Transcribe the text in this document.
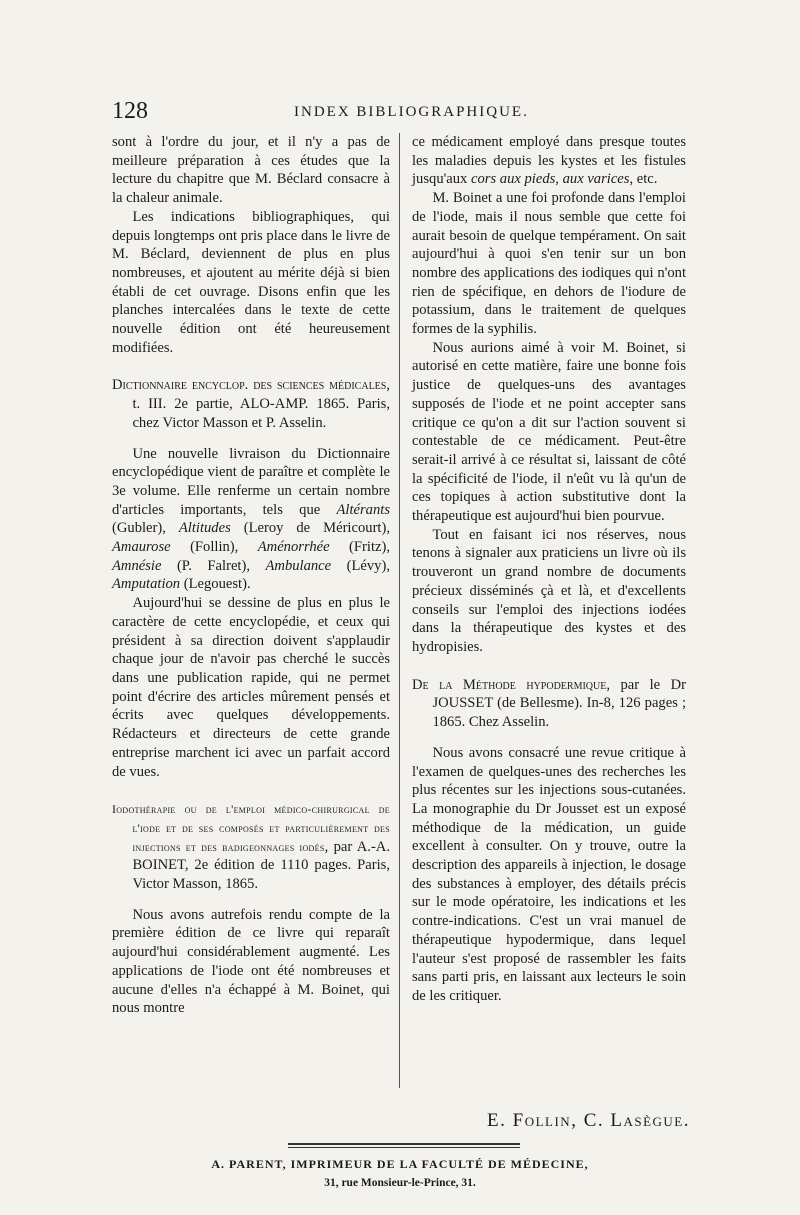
128	INDEX BIBLIOGRAPHIQUE.

sont à l'ordre du jour, et il n'y a pas de meilleure préparation à ces études que la lecture du chapitre que M. Béclard consacre à la chaleur animale.

Les indications bibliographiques, qui depuis longtemps ont pris place dans le livre de M. Béclard, deviennent de plus en plus nombreuses, et ajoutent au mérite déjà si bien établi de cet ouvrage. Disons enfin que les planches intercalées dans le texte de cette nouvelle édition ont été heureusement modifiées.

Dictionnaire encyclop. des sciences médicales, t. III. 2e partie, ALO-AMP. 1865. Paris, chez Victor Masson et P. Asselin.

Une nouvelle livraison du Dictionnaire encyclopédique vient de paraître et complète le 3e volume. Elle renferme un certain nombre d'articles importants, tels que Altérants (Gubler), Altitudes (Leroy de Méricourt), Amaurose (Follin), Aménorrhée (Fritz), Amnésie (P. Falret), Ambulance (Lévy), Amputation (Legouest).

Aujourd'hui se dessine de plus en plus le caractère de cette encyclopédie, et ceux qui président à sa direction doivent s'applaudir chaque jour de n'avoir pas cherché le succès dans une publication rapide, qui ne permet point d'écrire des articles mûrement pensés et écrits avec quelques développements. Rédacteurs et directeurs de cette grande entreprise marchent ici avec un parfait accord de vues.

Iodothérapie ou de l'emploi médico-chirurgical de l'iode et de ses composés et particulièrement des injections et des badigeonnages iodés, par A.-A. BOINET, 2e édition de 1110 pages. Paris, Victor Masson, 1865.

Nous avons autrefois rendu compte de la première édition de ce livre qui reparaît aujourd'hui considérablement augmenté. Les applications de l'iode ont été nombreuses et aucune d'elles n'a échappé à M. Boinet, qui nous montre

ce médicament employé dans presque toutes les maladies depuis les kystes et les fistules jusqu'aux cors aux pieds, aux varices, etc.

M. Boinet a une foi profonde dans l'emploi de l'iode, mais il nous semble que cette foi aurait besoin de quelque tempérament. On sait aujourd'hui à quoi s'en tenir sur un bon nombre des applications des iodiques qui n'ont rien de spécifique, en dehors de l'iodure de potassium, dans le traitement de quelques formes de la syphilis.

Nous aurions aimé à voir M. Boinet, si autorisé en cette matière, faire une bonne fois justice de quelques-uns des avantages supposés de l'iode et ne point accepter sans critique ce qu'on a dit sur l'action souvent si contestable de ce médicament. Peut-être serait-il arrivé à ce résultat si, laissant de côté la spécificité de l'iode, il n'eût vu là qu'un de ces topiques à action substitutive dont la thérapeutique est aujourd'hui bien pourvue.

Tout en faisant ici nos réserves, nous tenons à signaler aux praticiens un livre où ils trouveront un grand nombre de documents précieux disséminés çà et là, et d'excellents conseils sur l'emploi des injections iodées dans la thérapeutique des kystes et des hydropisies.

De la Méthode hypodermique, par le Dr JOUSSET (de Bellesme). In-8, 126 pages ; 1865. Chez Asselin.

Nous avons consacré une revue critique à l'examen de quelques-unes des recherches les plus récentes sur les injections sous-cutanées. La monographie du Dr Jousset est un exposé méthodique de la médication, un guide excellent à consulter. On y trouve, outre la description des appareils à injection, le dosage des substances à employer, des détails précis sur le mode opératoire, les indications et les contre-indications. C'est un vrai manuel de thérapeutique hypodermique, dans lequel l'auteur s'est proposé de rassembler les faits sans parti pris, en laissant aux lecteurs le soin de les critiquer.

E. Follin, C. Lasègue.
A. PARENT, IMPRIMEUR DE LA FACULTÉ DE MÉDECINE,
31, rue Monsieur-le-Prince, 31.
